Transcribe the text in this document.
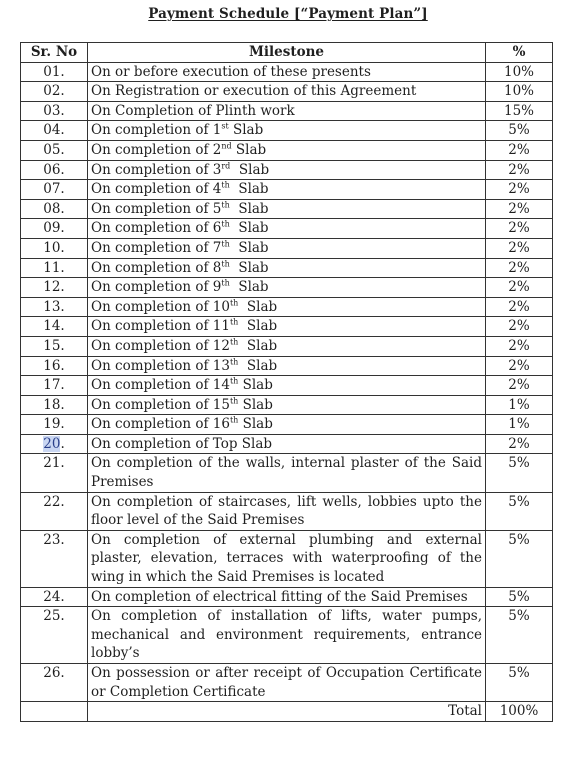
Payment Schedule [“Payment Plan”]
Sr. No	Milestone	%
01.	On or before execution of these presents	10%
02.	On Registration or execution of this Agreement	10%
03.	On Completion of Plinth work	15%
04.	On completion of 1st Slab	5%
05.	On completion of 2nd Slab	2%
06.	On completion of 3rd  Slab	2%
07.	On completion of 4th  Slab	2%
08.	On completion of 5th  Slab	2%
09.	On completion of 6th  Slab	2%
10.	On completion of 7th  Slab	2%
11.	On completion of 8th  Slab	2%
12.	On completion of 9th  Slab	2%
13.	On completion of 10th  Slab	2%
14.	On completion of 11th  Slab	2%
15.	On completion of 12th  Slab	2%
16.	On completion of 13th  Slab	2%
17.	On completion of 14th Slab	2%
18.	On completion of 15th Slab	1%
19.	On completion of 16th Slab	1%
20.	On completion of Top Slab	2%
21.	On completion of the walls, internal plaster of the Said Premises	5%
22.	On completion of staircases, lift wells, lobbies upto the floor level of the Said Premises	5%
23.	On completion of external plumbing and external plaster, elevation, terraces with waterproofing of the wing in which the Said Premises is located	5%
24.	On completion of electrical fitting of the Said Premises	5%
25.	On completion of installation of lifts, water pumps, mechanical and environment requirements, entrance lobby’s	5%
26.	On possession or after receipt of Occupation Certificate or Completion Certificate	5%
	Total	100%
